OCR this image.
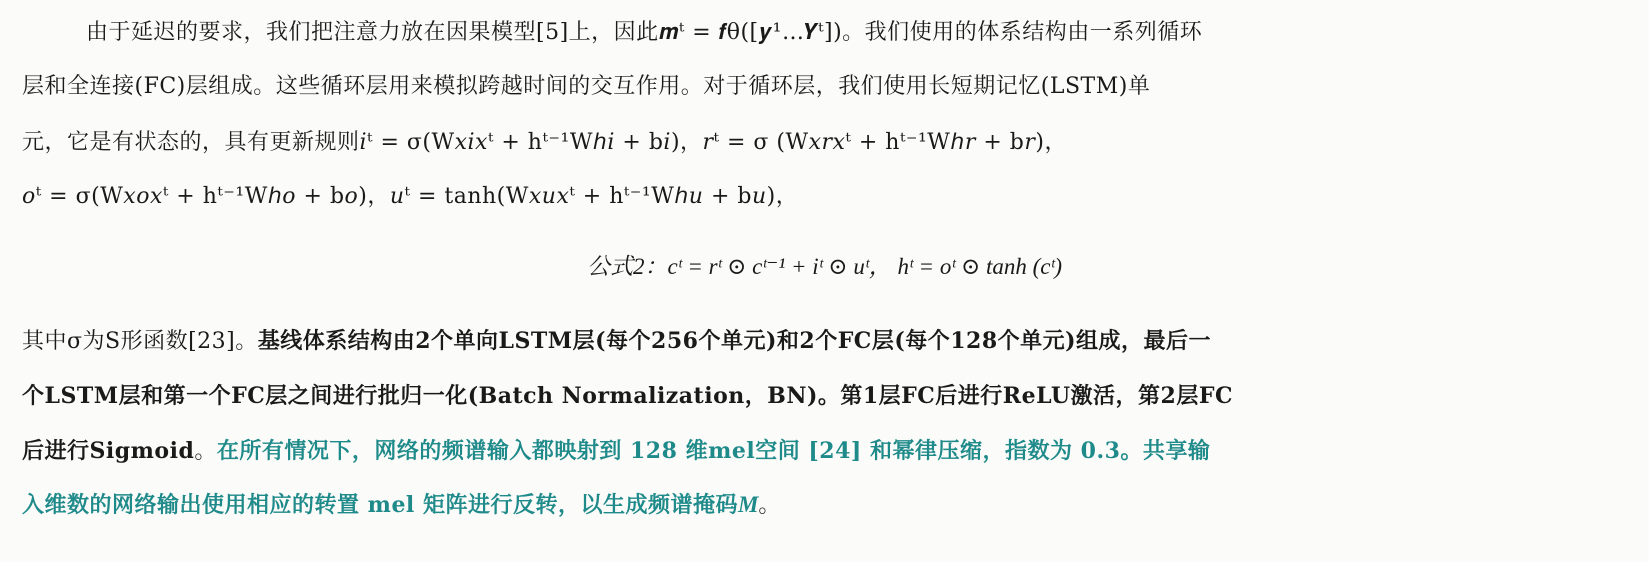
由于延迟的要求，我们把注意力放在因果模型[5]上，因此𝒎ᵗ = 𝒇θ([𝒚¹…𝒀ᵗ])。我们使用的体系结构由一系列循环
层和全连接(FC)层组成。这些循环层用来模拟跨越时间的交互作用。对于循环层，我们使用长短期记忆(LSTM)单
元，它是有状态的，具有更新规则𝑖ᵗ = σ(W𝑥𝑖𝑥ᵗ + hᵗ⁻¹W𝘩𝑖 + b𝑖)，𝑟ᵗ = σ (W𝑥𝑟𝑥ᵗ + hᵗ⁻¹W𝘩𝑟 + b𝑟)，
𝑜ᵗ = σ(W𝑥𝑜𝑥ᵗ + hᵗ⁻¹W𝘩𝑜 + b𝑜)，𝑢ᵗ = tanh(W𝑥𝑢𝑥ᵗ + hᵗ⁻¹W𝘩𝑢 + b𝑢)，
公式2：cᵗ = rᵗ ⊙ cᵗ⁻¹ + iᵗ ⊙ uᵗ， hᵗ = oᵗ ⊙ tanh (cᵗ)
其中σ为S形函数[23]。基线体系结构由2个单向LSTM层(每个256个单元)和2个FC层(每个128个单元)组成，最后一
个LSTM层和第一个FC层之间进行批归一化(Batch Normalization，BN)。第1层FC后进行ReLU激活，第2层FC
后进行Sigmoid。在所有情况下，网络的频谱输入都映射到 128 维mel空间 [24] 和幂律压缩，指数为 0.3。共享输
入维数的网络输出使用相应的转置 mel 矩阵进行反转，以生成频谱掩码M。
